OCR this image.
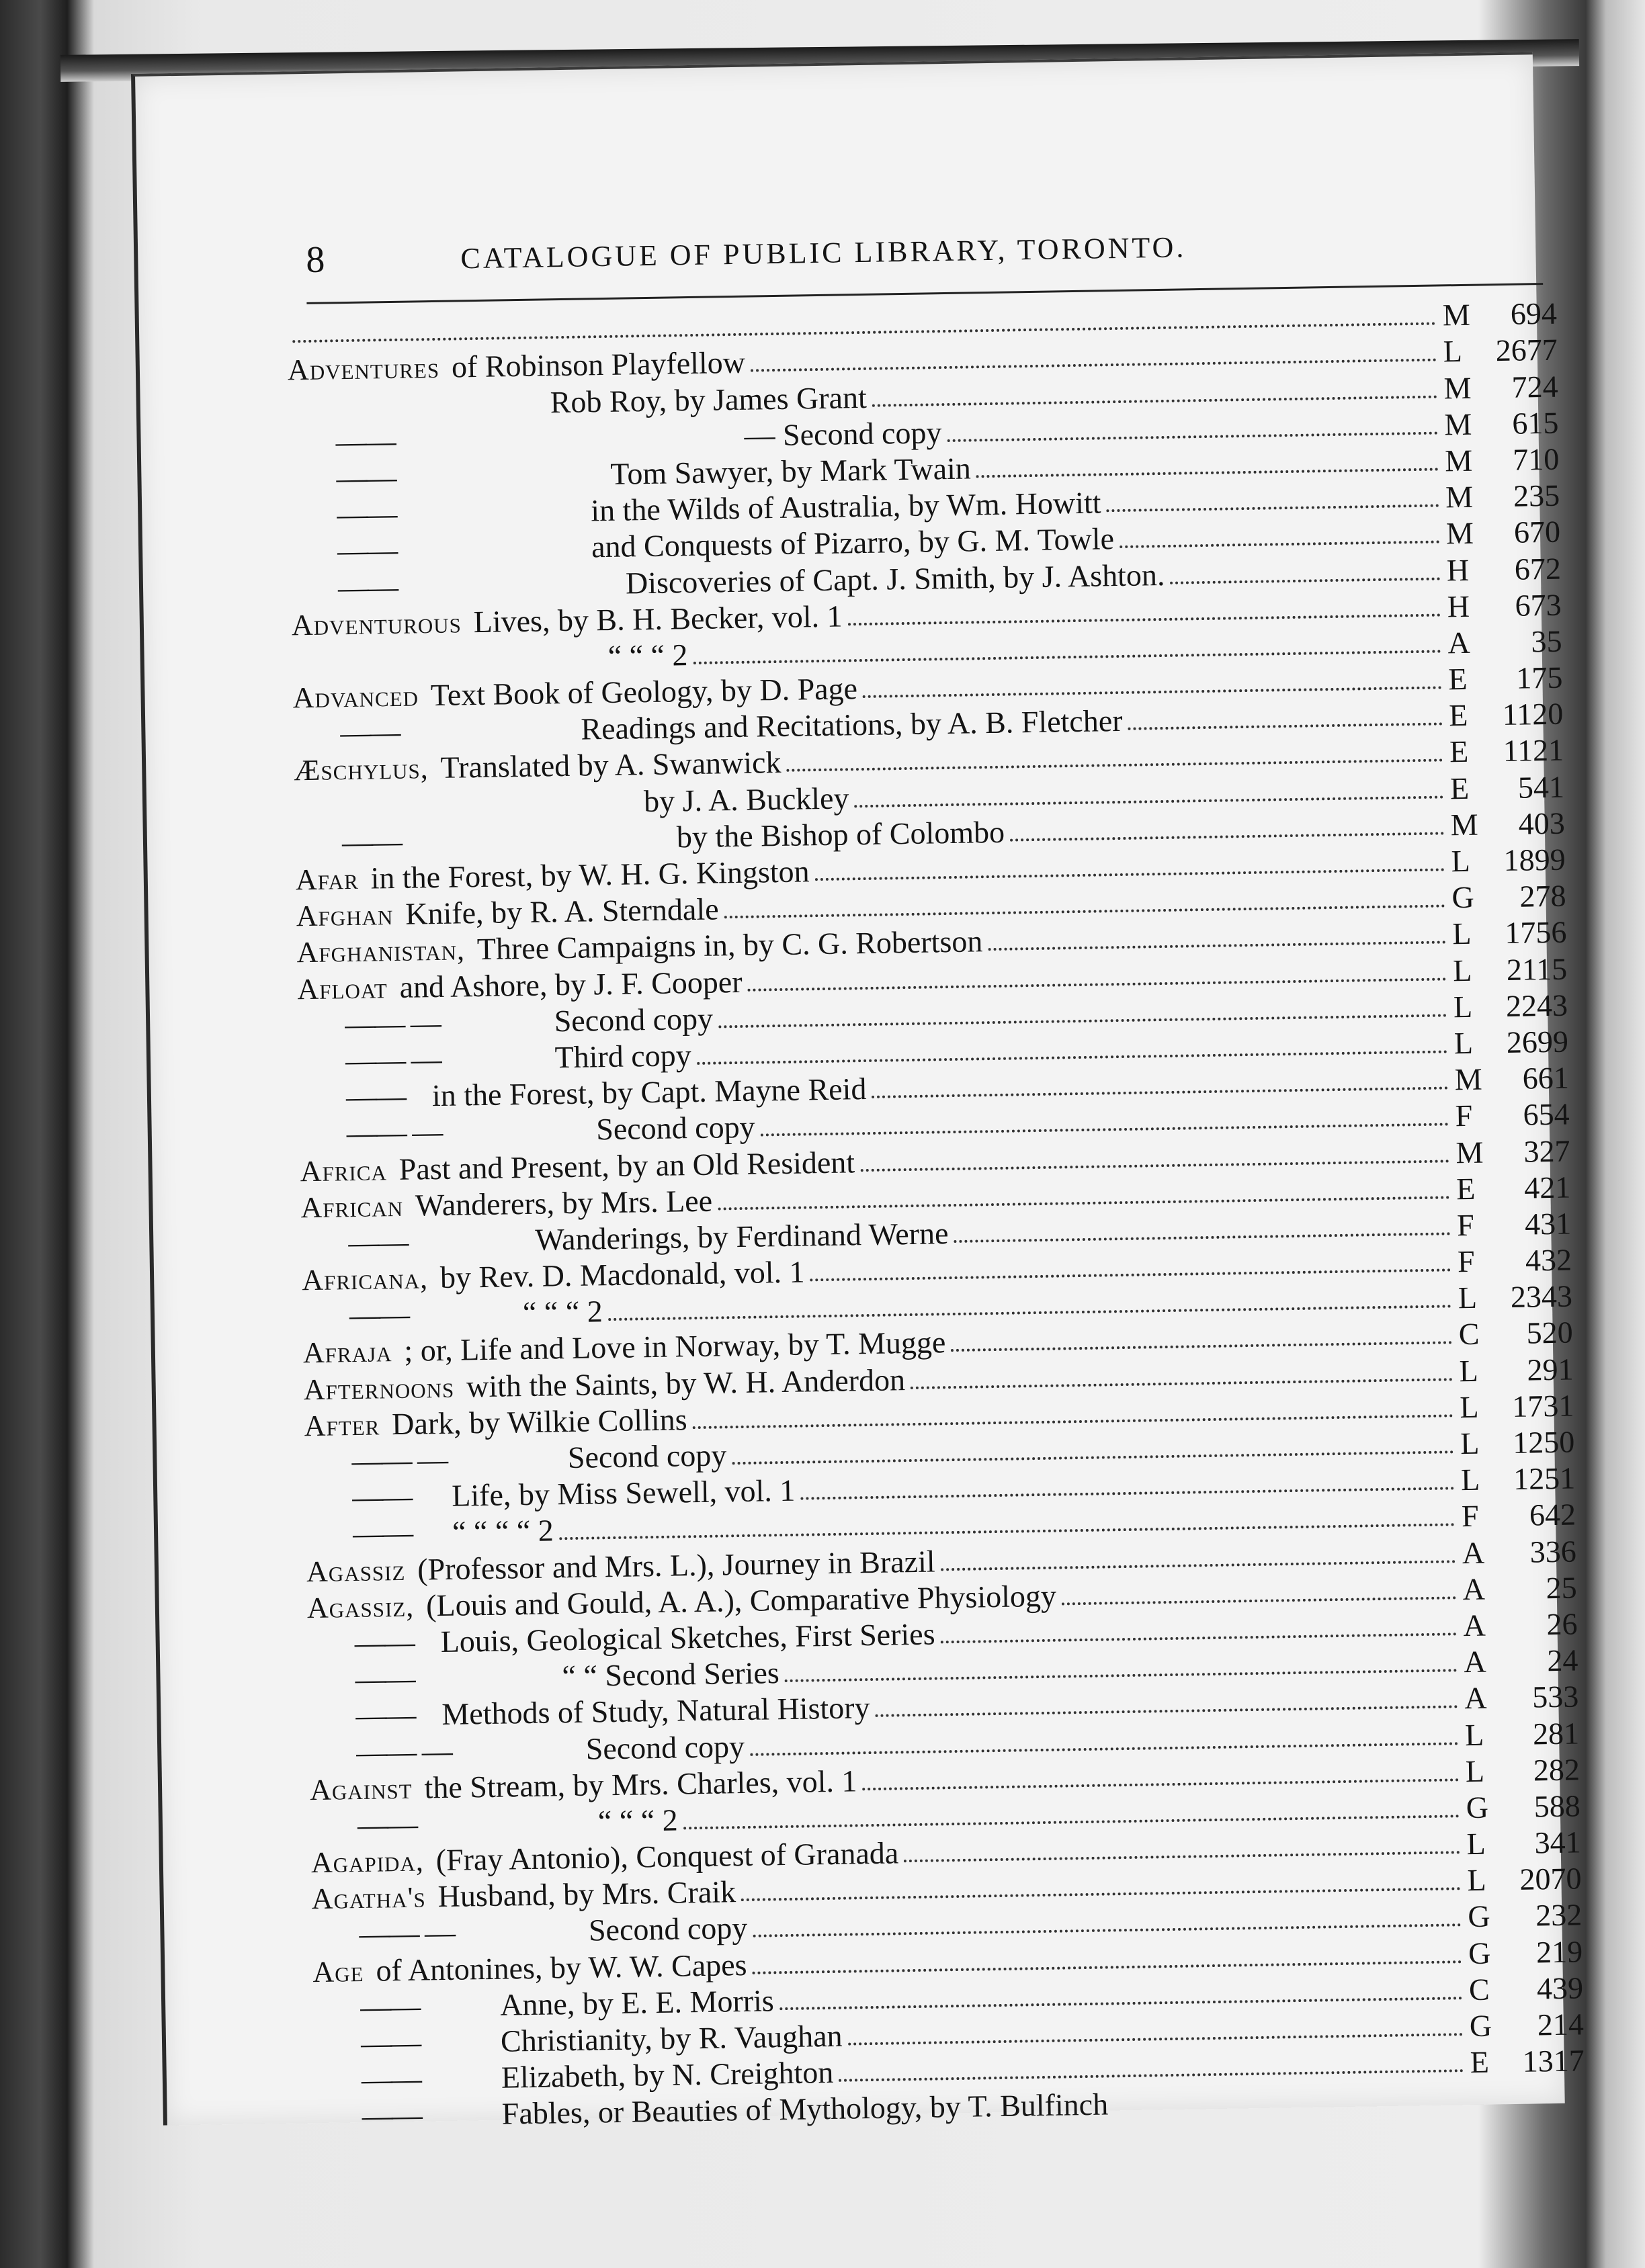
8	CATALOGUE OF PUBLIC LIBRARY, TORONTO.
M	694
Adventures of Robinson Playfellow	L	2677
Rob Roy, by James Grant	M	724
——	— Second copy	M	615
——	Tom Sawyer, by Mark Twain	M	710
——	in the Wilds of Australia, by Wm. Howitt	M	235
——	and Conquests of Pizarro, by G. M. Towle	M	670
——	Discoveries of Capt. J. Smith, by J. Ashton.	H	672
Adventurous Lives, by B. H. Becker, vol. 1	H	673
“ “ “ 2	A	35
Advanced Text Book of Geology, by D. Page	E	175
——	Readings and Recitations, by A. B. Fletcher	E	1120
Æschylus, Translated by A. Swanwick	E	1121
by J. A. Buckley	E	541
——	by the Bishop of Colombo	M	403
Afar in the Forest, by W. H. G. Kingston	L	1899
Afghan Knife, by R. A. Sterndale	G	278
Afghanistan, Three Campaigns in, by C. G. Robertson	L	1756
Afloat and Ashore, by J. F. Cooper	L	2115
—— —	Second copy	L	2243
—— —	Third copy	L	2699
—— in the Forest, by Capt. Mayne Reid	M	661
—— —	Second copy	F	654
Africa Past and Present, by an Old Resident	M	327
African Wanderers, by Mrs. Lee	E	421
——	Wanderings, by Ferdinand Werne	F	431
Africana, by Rev. D. Macdonald, vol. 1	F	432
——	“ “ “ 2	L	2343
Afraja ; or, Life and Love in Norway, by T. Mugge	C	520
Afternoons with the Saints, by W. H. Anderdon	L	291
After Dark, by Wilkie Collins	L	1731
—— —	Second copy	L	1250
—— Life, by Miss Sewell, vol. 1	L	1251
—— “ “ “ “ 2	F	642
Agassiz (Professor and Mrs. L.), Journey in Brazil	A	336
Agassiz, (Louis and Gould, A. A.), Comparative Physiology	A	25
—— Louis, Geological Sketches, First Series	A	26
——	“ “ Second Series	A	24
—— Methods of Study, Natural History	A	533
—— —	Second copy	L	281
Against the Stream, by Mrs. Charles, vol. 1	L	282
——	“ “ “ 2	G	588
Agapida, (Fray Antonio), Conquest of Granada	L	341
Agatha's Husband, by Mrs. Craik	L	2070
—— —	Second copy	G	232
Age of Antonines, by W. W. Capes	G	219
——	Anne, by E. E. Morris	C	439
——	Christianity, by R. Vaughan	G	214
——	Elizabeth, by N. Creighton	E	1317
——	Fables, or Beauties of Mythology, by T. Bulfinch
